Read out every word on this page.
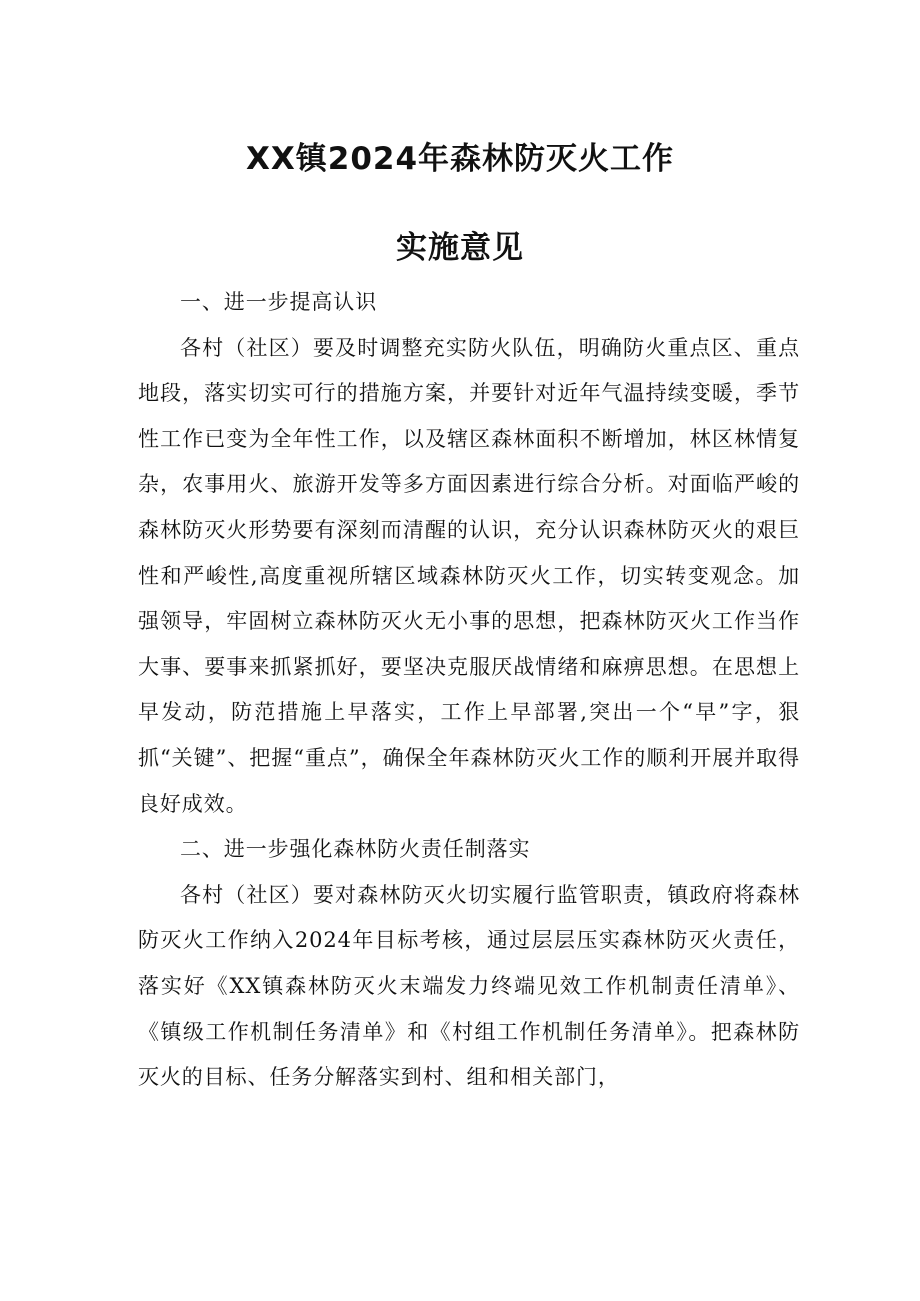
XX镇2024年森林防灭火工作
实施意见

一、进一步提高认识

各村（社区）要及时调整充实防火队伍，明确防火重点区、重点地段，落实切实可行的措施方案，并要针对近年气温持续变暖，季节性工作已变为全年性工作，以及辖区森林面积不断增加，林区林情复杂，农事用火、旅游开发等多方面因素进行综合分析。对面临严峻的森林防灭火形势要有深刻而清醒的认识，充分认识森林防灭火的艰巨性和严峻性,高度重视所辖区域森林防灭火工作，切实转变观念。加强领导，牢固树立森林防灭火无小事的思想，把森林防灭火工作当作大事、要事来抓紧抓好，要坚决克服厌战情绪和麻痹思想。在思想上早发动，防范措施上早落实，工作上早部署,突出一个“早”字，狠抓“关键”、把握“重点”，确保全年森林防灭火工作的顺利开展并取得良好成效。

二、进一步强化森林防火责任制落实

各村（社区）要对森林防灭火切实履行监管职责，镇政府将森林防灭火工作纳入2024年目标考核，通过层层压实森林防灭火责任，落实好《XX镇森林防灭火末端发力终端见效工作机制责任清单》、《镇级工作机制任务清单》和《村组工作机制任务清单》。把森林防灭火的目标、任务分解落实到村、组和相关部门，
